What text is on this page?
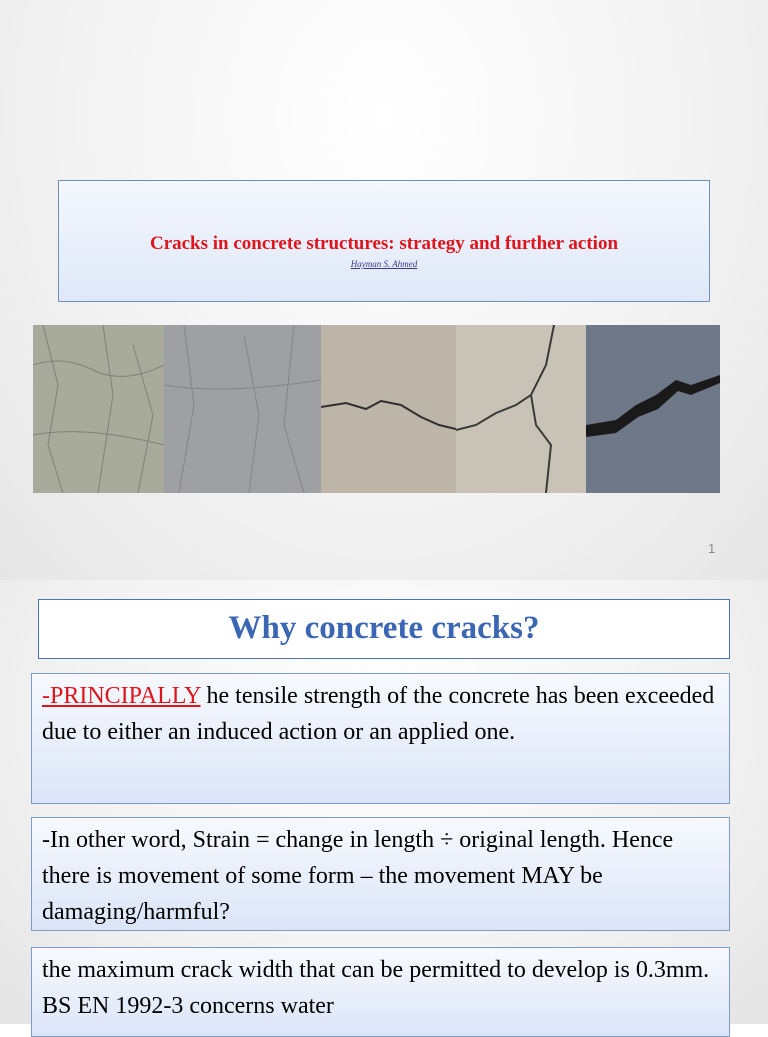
Cracks in concrete structures: strategy and further action
Hayman S. Ahmed
1
Why concrete cracks?
-PRINCIPALLY he tensile strength of the concrete has been exceeded due to either an induced action or an applied one.
-In other word, Strain = change in length ÷ original length. Hence there is movement of some form – the movement MAY be damaging/harmful?
the maximum crack width that can be permitted to develop is 0.3mm. BS EN 1992-3 concerns water
